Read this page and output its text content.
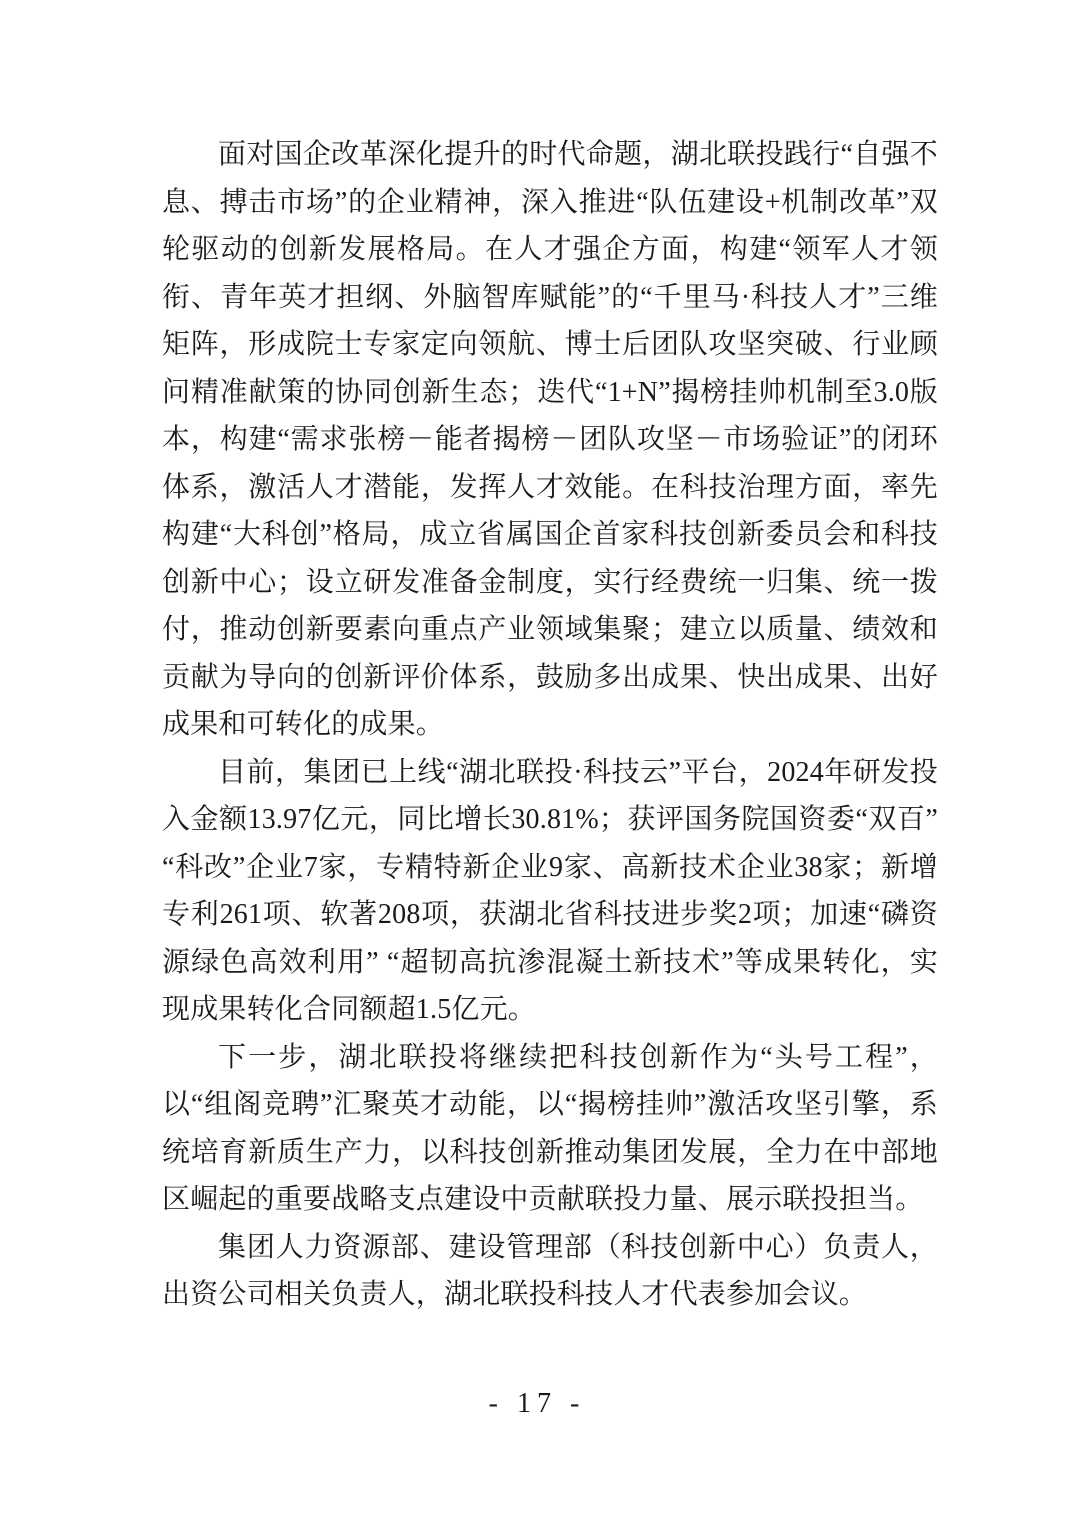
面对国企改革深化提升的时代命题，湖北联投践行“自强不息、搏击市场”的企业精神，深入推进“队伍建设+机制改革”双轮驱动的创新发展格局。在人才强企方面，构建“领军人才领衔、青年英才担纲、外脑智库赋能”的“千里马·科技人才”三维矩阵，形成院士专家定向领航、博士后团队攻坚突破、行业顾问精准献策的协同创新生态；迭代“1+N”揭榜挂帅机制至3.0版本，构建“需求张榜－能者揭榜－团队攻坚－市场验证”的闭环体系，激活人才潜能，发挥人才效能。在科技治理方面，率先构建“大科创”格局，成立省属国企首家科技创新委员会和科技创新中心；设立研发准备金制度，实行经费统一归集、统一拨付，推动创新要素向重点产业领域集聚；建立以质量、绩效和贡献为导向的创新评价体系，鼓励多出成果、快出成果、出好成果和可转化的成果。

目前，集团已上线“湖北联投·科技云”平台，2024年研发投入金额13.97亿元，同比增长30.81%；获评国务院国资委“双百” “科改”企业7家，专精特新企业9家、高新技术企业38家；新增专利261项、软著208项，获湖北省科技进步奖2项；加速“磷资源绿色高效利用” “超韧高抗渗混凝土新技术”等成果转化，实现成果转化合同额超1.5亿元。

下一步，湖北联投将继续把科技创新作为“头号工程”，以“组阁竞聘”汇聚英才动能，以“揭榜挂帅”激活攻坚引擎，系统培育新质生产力，以科技创新推动集团发展，全力在中部地区崛起的重要战略支点建设中贡献联投力量、展示联投担当。

集团人力资源部、建设管理部（科技创新中心）负责人，出资公司相关负责人，湖北联投科技人才代表参加会议。

- 17 -
